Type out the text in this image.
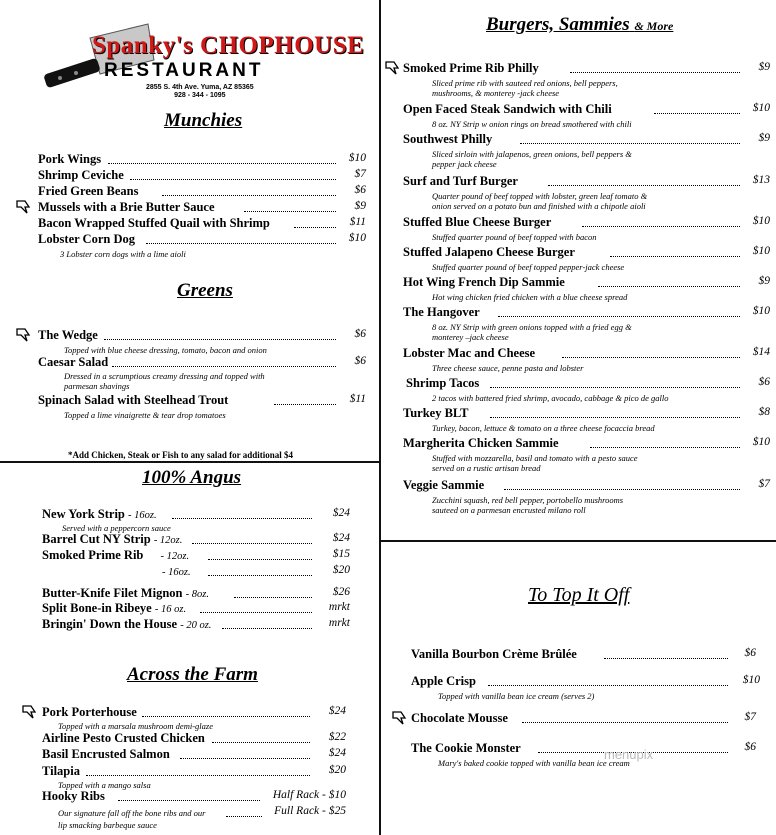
Spanky's CHOPHOUSE
RESTAURANT
2855 S. 4th Ave. Yuma, AZ 85365
928 - 344 - 1095
Munchies
Pork Wings	$10
Shrimp Ceviche	$7
Fried Green Beans	$6
Mussels with a Brie Butter Sauce	$9
Bacon Wrapped Stuffed Quail with Shrimp	$11
Lobster Corn Dog	$10
3 Lobster corn dogs with a lime aioli
Greens
The Wedge	$6
Topped with blue cheese dressing, tomato, bacon and onion
Caesar Salad	$6
Dressed in a scrumptious creamy dressing and topped with
parmesan shavings
Spinach Salad with Steelhead Trout	$11
Topped a lime vinaigrette & tear drop tomatoes
*Add Chicken, Steak or Fish to any salad for additional $4
100% Angus
New York Strip - 16oz.	$24
Served with a peppercorn sauce
Barrel Cut NY Strip - 12oz.	$24
Smoked Prime Rib - 12oz.	$15
- 16oz.	$20
Butter-Knife Filet Mignon - 8oz.	$26
Split Bone-in Ribeye - 16 oz.	mrkt
Bringin' Down the House - 20 oz.	mrkt
Across the Farm
Pork Porterhouse	$24
Topped with a marsala mushroom demi-glaze
Airline Pesto Crusted Chicken	$22
Basil Encrusted Salmon	$24
Tilapia	$20
Topped with a mango salsa
Hooky Ribs	Half Rack - $10
Our signature fall off the bone ribs and our	Full Rack - $25
lip smacking barbeque sauce
Burgers, Sammies & More
Smoked Prime Rib Philly	$9
Sliced prime rib with sauteed red onions, bell peppers,
mushrooms, & monterey -jack cheese
Open Faced Steak Sandwich with Chili	$10
8 oz. NY Strip w onion rings on bread smothered with chili
Southwest Philly	$9
Sliced sirloin with jalapenos, green onions, bell peppers &
pepper jack cheese
Surf and Turf Burger	$13
Quarter pound of beef topped with lobster, green leaf tomato &
onion served on a potato bun and finished with a chipotle aioli
Stuffed Blue Cheese Burger	$10
Stuffed quarter pound of beef topped with bacon
Stuffed Jalapeno Cheese Burger	$10
Stuffed quarter pound of beef topped pepper-jack cheese
Hot Wing French Dip Sammie	$9
Hot wing chicken fried chicken with a blue cheese spread
The Hangover	$10
8 oz. NY Strip with green onions topped with a fried egg &
monterey –jack cheese
Lobster Mac and Cheese	$14
Three cheese sauce, penne pasta and lobster
Shrimp Tacos	$6
2 tacos with battered fried shrimp, avocado, cabbage & pico de gallo
Turkey BLT	$8
Turkey, bacon, lettuce & tomato on a three cheese focaccia bread
Margherita Chicken Sammie	$10
Stuffed with mozzarella, basil and tomato with a pesto sauce
served on a rustic artisan bread
Veggie Sammie	$7
Zucchini squash, red bell pepper, portobello mushrooms
sauteed on a parmesan encrusted milano roll
To Top It Off
Vanilla Bourbon Crème Brûlée	$6
Apple Crisp	$10
Topped with vanilla bean ice cream (serves 2)
Chocolate Mousse	$7
The Cookie Monster	$6
Mary's baked cookie topped with vanilla bean ice cream
menupix
